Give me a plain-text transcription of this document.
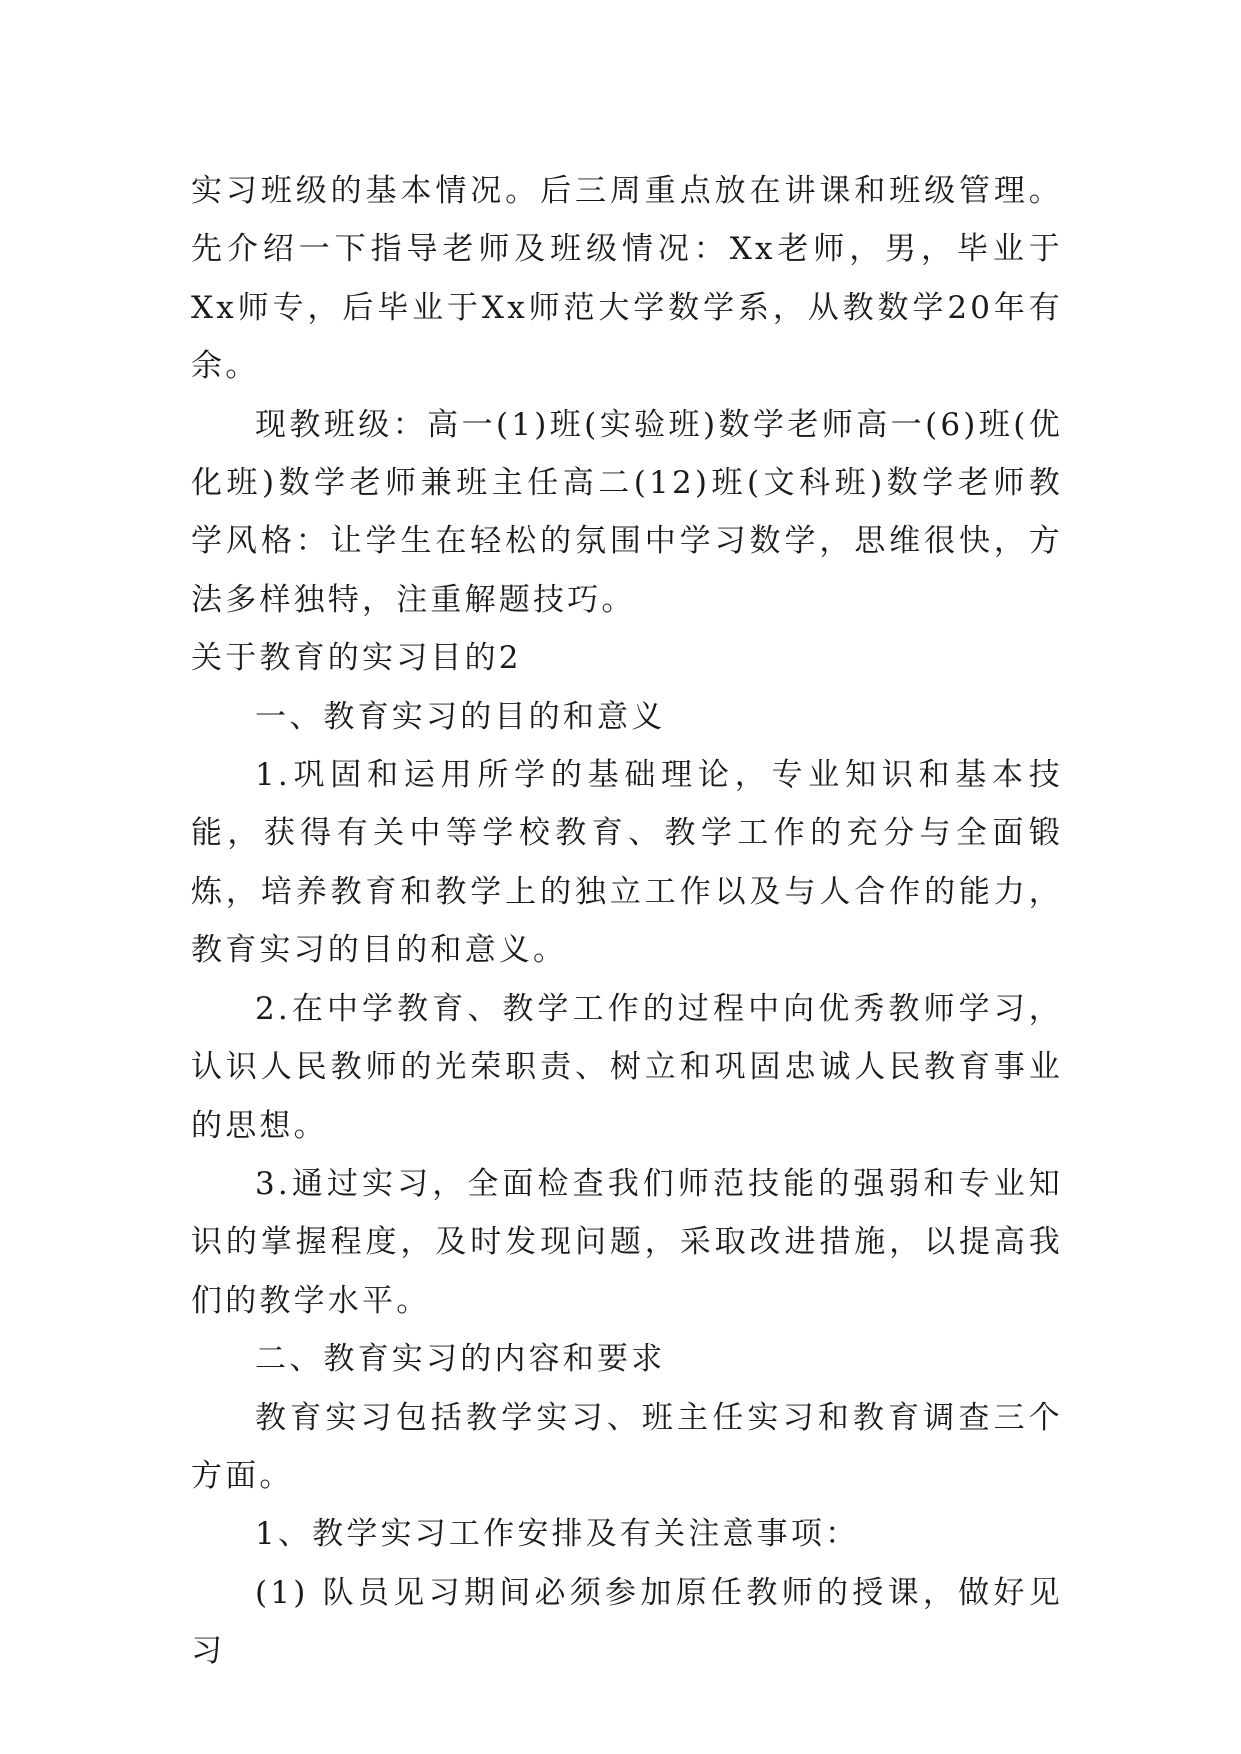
实习班级的基本情况。后三周重点放在讲课和班级管理。先介绍一下指导老师及班级情况：Xx老师，男，毕业于Xx师专，后毕业于Xx师范大学数学系，从教数学20年有余。

现教班级：高一(1)班(实验班)数学老师高一(6)班(优化班)数学老师兼班主任高二(12)班(文科班)数学老师教学风格：让学生在轻松的氛围中学习数学，思维很快，方法多样独特，注重解题技巧。

关于教育的实习目的2

一、教育实习的目的和意义

1.巩固和运用所学的基础理论，专业知识和基本技能，获得有关中等学校教育、教学工作的充分与全面锻炼，培养教育和教学上的独立工作以及与人合作的能力，教育实习的目的和意义。

2.在中学教育、教学工作的过程中向优秀教师学习，认识人民教师的光荣职责、树立和巩固忠诚人民教育事业的思想。

3.通过实习，全面检查我们师范技能的强弱和专业知识的掌握程度，及时发现问题，采取改进措施，以提高我们的教学水平。

二、教育实习的内容和要求

教育实习包括教学实习、班主任实习和教育调查三个方面。

1、教学实习工作安排及有关注意事项：

(1) 队员见习期间必须参加原任教师的授课，做好见习
